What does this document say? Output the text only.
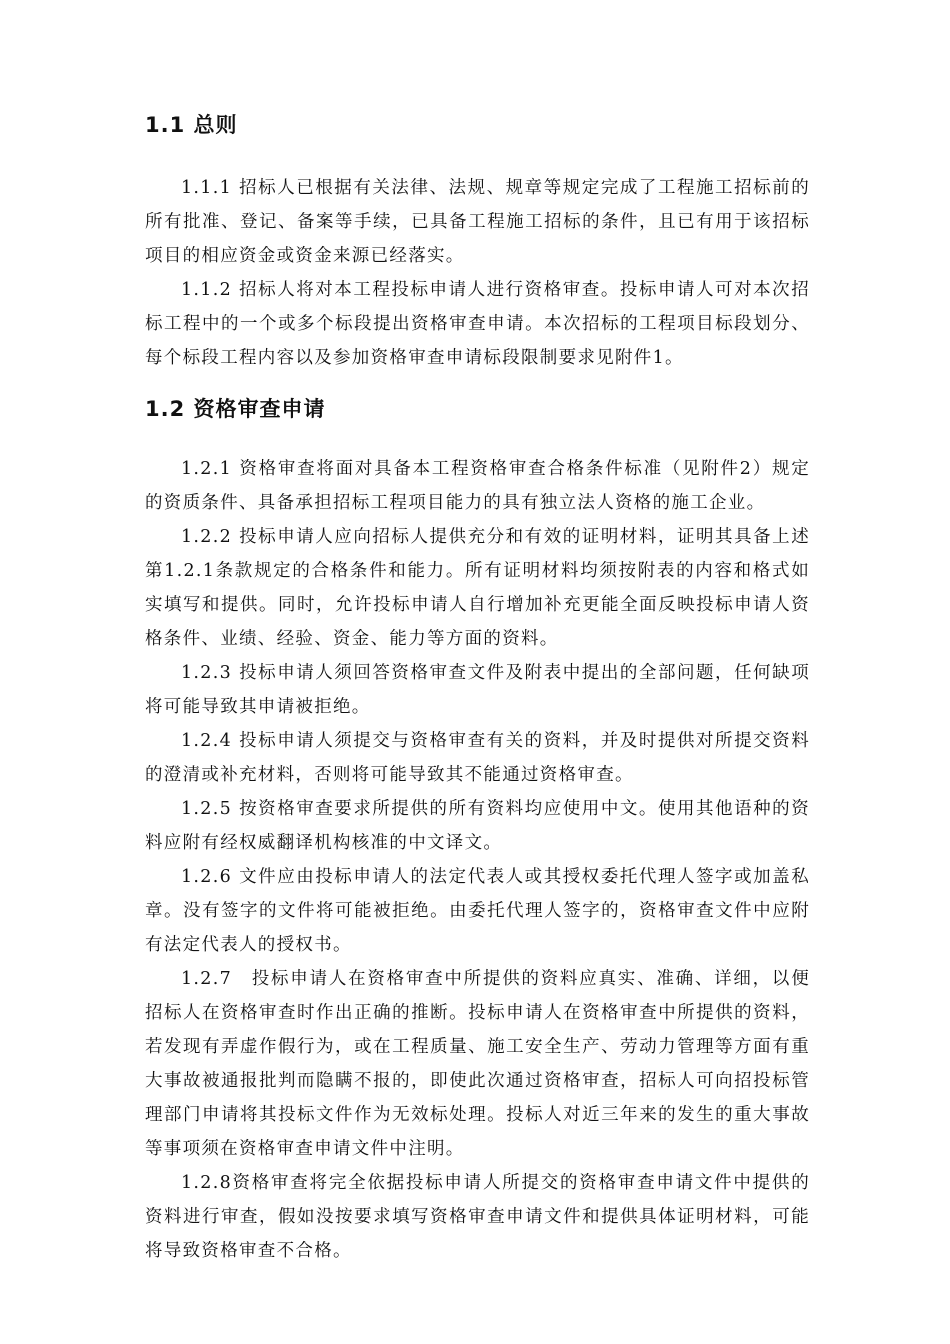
1.1 总则

1.1.1 招标人已根据有关法律、法规、规章等规定完成了工程施工招标前的所有批准、登记、备案等手续，已具备工程施工招标的条件，且已有用于该招标项目的相应资金或资金来源已经落实。

1.1.2 招标人将对本工程投标申请人进行资格审查。投标申请人可对本次招标工程中的一个或多个标段提出资格审查申请。本次招标的工程项目标段划分、每个标段工程内容以及参加资格审查申请标段限制要求见附件1。

1.2 资格审查申请

1.2.1 资格审查将面对具备本工程资格审查合格条件标准（见附件2）规定的资质条件、具备承担招标工程项目能力的具有独立法人资格的施工企业。

1.2.2 投标申请人应向招标人提供充分和有效的证明材料，证明其具备上述第1.2.1条款规定的合格条件和能力。所有证明材料均须按附表的内容和格式如实填写和提供。同时，允许投标申请人自行增加补充更能全面反映投标申请人资格条件、业绩、经验、资金、能力等方面的资料。

1.2.3 投标申请人须回答资格审查文件及附表中提出的全部问题，任何缺项将可能导致其申请被拒绝。

1.2.4 投标申请人须提交与资格审查有关的资料，并及时提供对所提交资料的澄清或补充材料，否则将可能导致其不能通过资格审查。

1.2.5 按资格审查要求所提供的所有资料均应使用中文。使用其他语种的资料应附有经权威翻译机构核准的中文译文。

1.2.6 文件应由投标申请人的法定代表人或其授权委托代理人签字或加盖私章。没有签字的文件将可能被拒绝。由委托代理人签字的，资格审查文件中应附有法定代表人的授权书。

1.2.7　投标申请人在资格审查中所提供的资料应真实、准确、详细，以便招标人在资格审查时作出正确的推断。投标申请人在资格审查中所提供的资料，若发现有弄虚作假行为，或在工程质量、施工安全生产、劳动力管理等方面有重大事故被通报批判而隐瞒不报的，即使此次通过资格审查，招标人可向招投标管理部门申请将其投标文件作为无效标处理。投标人对近三年来的发生的重大事故等事项须在资格审查申请文件中注明。

1.2.8资格审查将完全依据投标申请人所提交的资格审查申请文件中提供的资料进行审查，假如没按要求填写资格审查申请文件和提供具体证明材料，可能将导致资格审查不合格。
